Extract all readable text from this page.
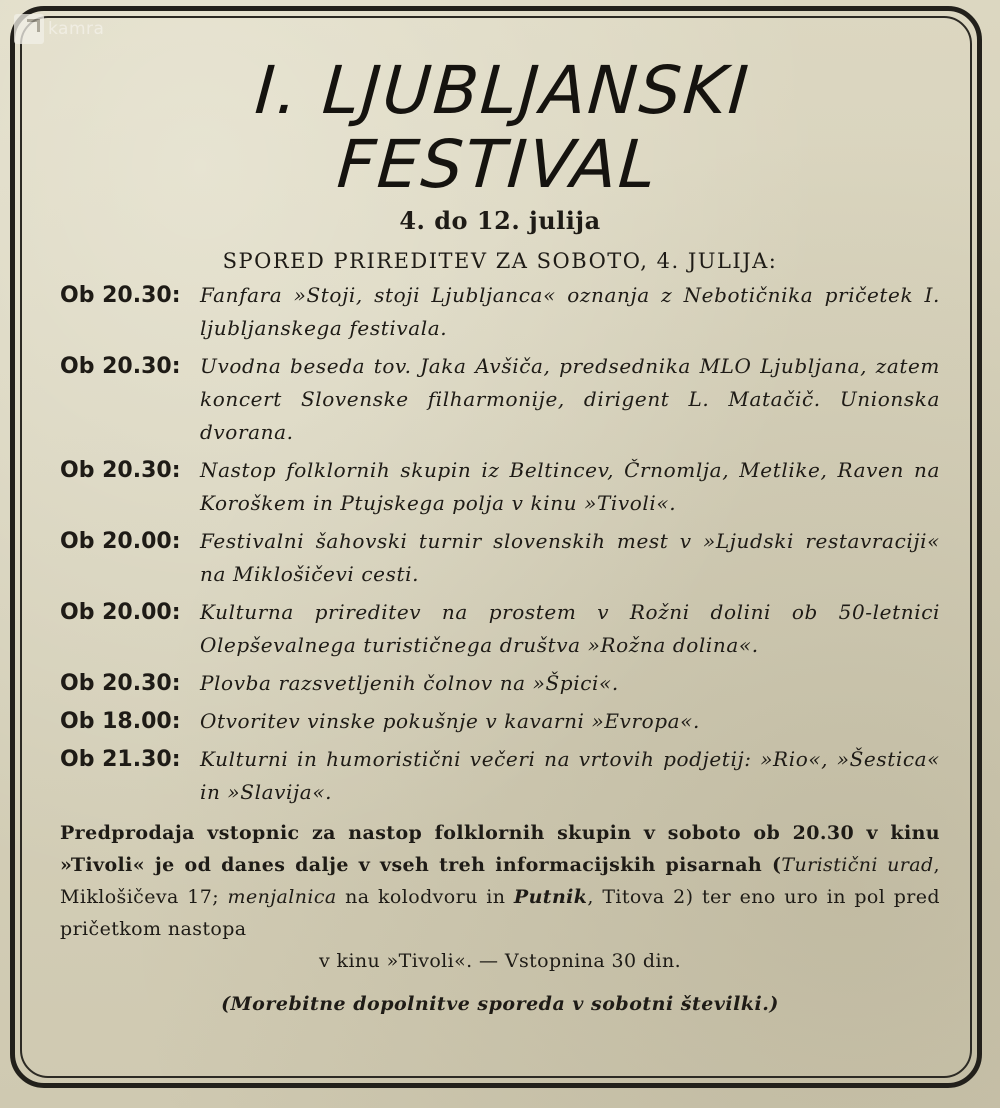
kamra
I. LJUBLJANSKI
FESTIVAL
4. do 12. julija
SPORED PRIREDITEV ZA SOBOTO, 4. JULIJA:
Ob 20.30: Fanfara »Stoji, stoji Ljubljanca« oznanja z Nebotičnika pričetek I. ljubljanskega festivala.
Ob 20.30: Uvodna beseda tov. Jaka Avšiča, predsednika MLO Ljubljana, zatem koncert Slovenske filharmonije, dirigent L. Matačič. Unionska dvorana.
Ob 20.30: Nastop folklornih skupin iz Beltincev, Črnomlja, Metlike, Raven na Koroškem in Ptujskega polja v kinu »Tivoli«.
Ob 20.00: Festivalni šahovski turnir slovenskih mest v »Ljudski restavraciji« na Miklošičevi cesti.
Ob 20.00: Kulturna prireditev na prostem v Rožni dolini ob 50-letnici Olepševalnega turističnega društva »Rožna dolina«.
Ob 20.30: Plovba razsvetljenih čolnov na »Špici«.
Ob 18.00: Otvoritev vinske pokušnje v kavarni »Evropa«.
Ob 21.30: Kulturni in humoristični večeri na vrtovih podjetij: »Rio«, »Šestica« in »Slavija«.
Predprodaja vstopnic za nastop folklornih skupin v soboto ob 20.30 v kinu »Tivoli« je od danes dalje v vseh treh informacijskih pisarnah (Turistični urad, Miklošičeva 17; menjalnica na kolodvoru in Putnik, Titova 2) ter eno uro in pol pred pričetkom nastopa
v kinu »Tivoli«. — Vstopnina 30 din.
(Morebitne dopolnitve sporeda v sobotni številki.)
